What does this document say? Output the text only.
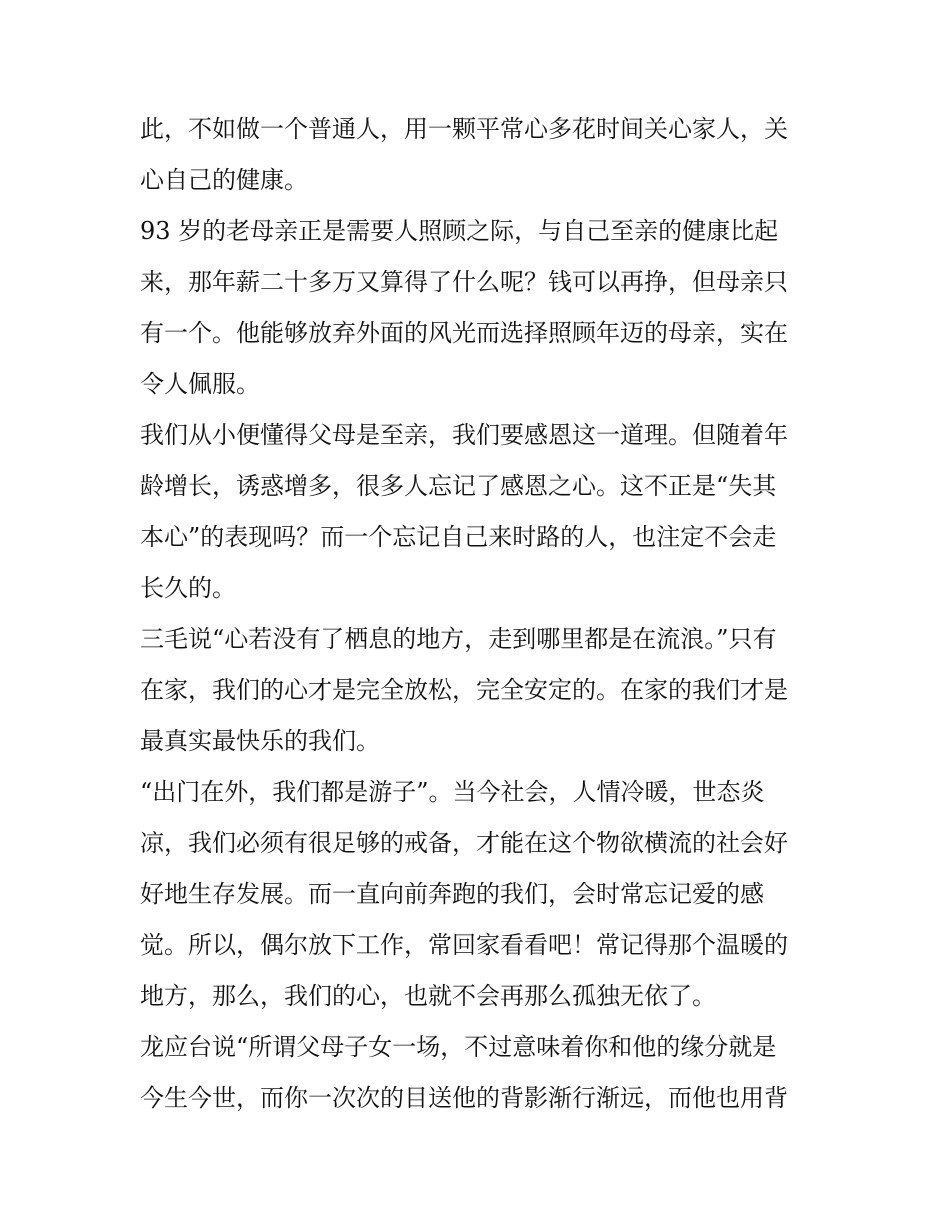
此，不如做一个普通人，用一颗平常心多花时间关心家人，关
心自己的健康。
93 岁的老母亲正是需要人照顾之际，与自己至亲的健康比起
来，那年薪二十多万又算得了什么呢？钱可以再挣，但母亲只
有一个。他能够放弃外面的风光而选择照顾年迈的母亲，实在
令人佩服。
我们从小便懂得父母是至亲，我们要感恩这一道理。但随着年
龄增长，诱惑增多，很多人忘记了感恩之心。这不正是“失其
本心”的表现吗？而一个忘记自己来时路的人，也注定不会走
长久的。
三毛说“心若没有了栖息的地方，走到哪里都是在流浪。”只有
在家，我们的心才是完全放松，完全安定的。在家的我们才是
最真实最快乐的我们。
“出门在外，我们都是游子”。当今社会，人情冷暖，世态炎
凉，我们必须有很足够的戒备，才能在这个物欲横流的社会好
好地生存发展。而一直向前奔跑的我们，会时常忘记爱的感
觉。所以，偶尔放下工作，常回家看看吧！常记得那个温暖的
地方，那么，我们的心，也就不会再那么孤独无依了。
龙应台说“所谓父母子女一场，不过意味着你和他的缘分就是
今生今世，而你一次次的目送他的背影渐行渐远，而他也用背
